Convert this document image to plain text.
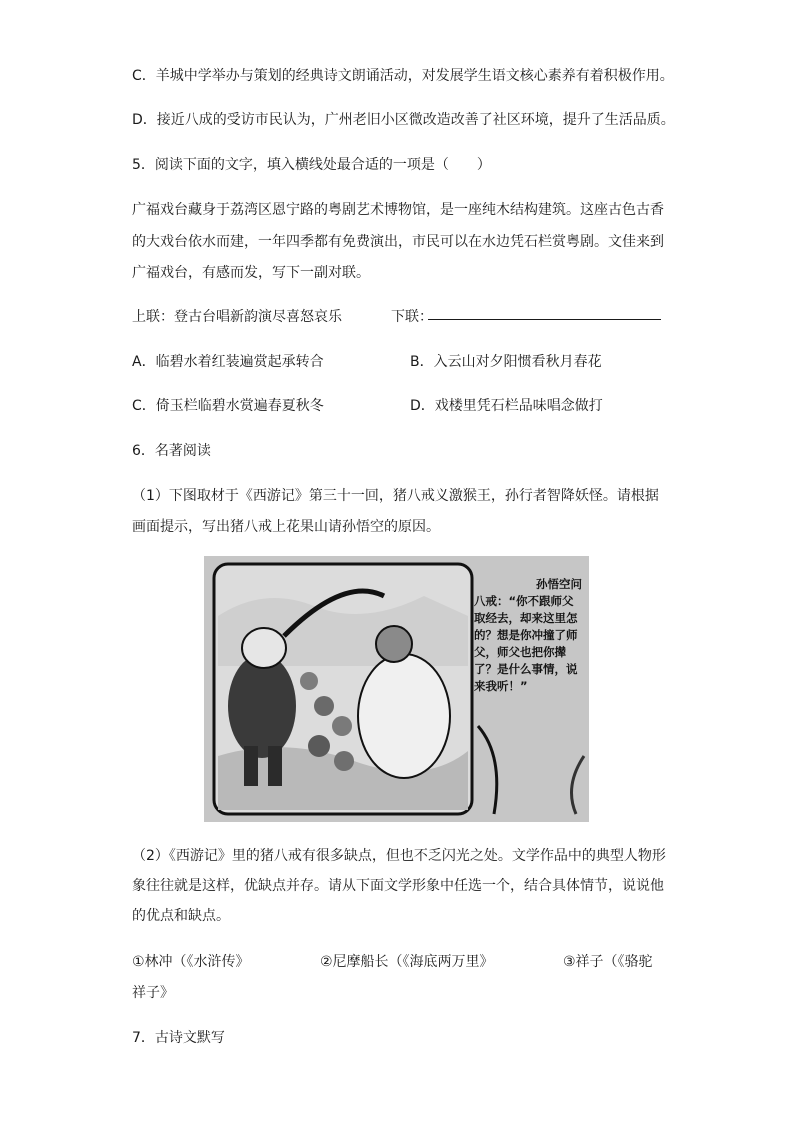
C．羊城中学举办与策划的经典诗文朗诵活动，对发展学生语文核心素养有着积极作用。
D．接近八成的受访市民认为，广州老旧小区微改造改善了社区环境，提升了生活品质。
5．阅读下面的文字，填入横线处最合适的一项是（　　）
广福戏台藏身于荔湾区恩宁路的粤剧艺术博物馆，是一座纯木结构建筑。这座古色古香
的大戏台依水而建，一年四季都有免费演出，市民可以在水边凭石栏赏粤剧。文佳来到
广福戏台，有感而发，写下一副对联。
上联：登古台唱新韵演尽喜怒哀乐	下联：
A．临碧水着红装遍赏起承转合	B．入云山对夕阳惯看秋月春花
C．倚玉栏临碧水赏遍春夏秋冬	D．戏楼里凭石栏品味唱念做打
6．名著阅读
（1）下图取材于《西游记》第三十一回，猪八戒义激猴王，孙行者智降妖怪。请根据
画面提示，写出猪八戒上花果山请孙悟空的原因。
孙悟空问
八戒：“你不跟师父取经去，却来这里怎的？想是你冲撞了师父，师父也把你撵了？是什么事情，说来我听！”
（2）《西游记》里的猪八戒有很多缺点，但也不乏闪光之处。文学作品中的典型人物形
象往往就是这样，优缺点并存。请从下面文学形象中任选一个，结合具体情节，说说他
的优点和缺点。
①林冲（《水浒传》	②尼摩船长（《海底两万里》	③祥子（《骆驼
祥子》
7．古诗文默写
